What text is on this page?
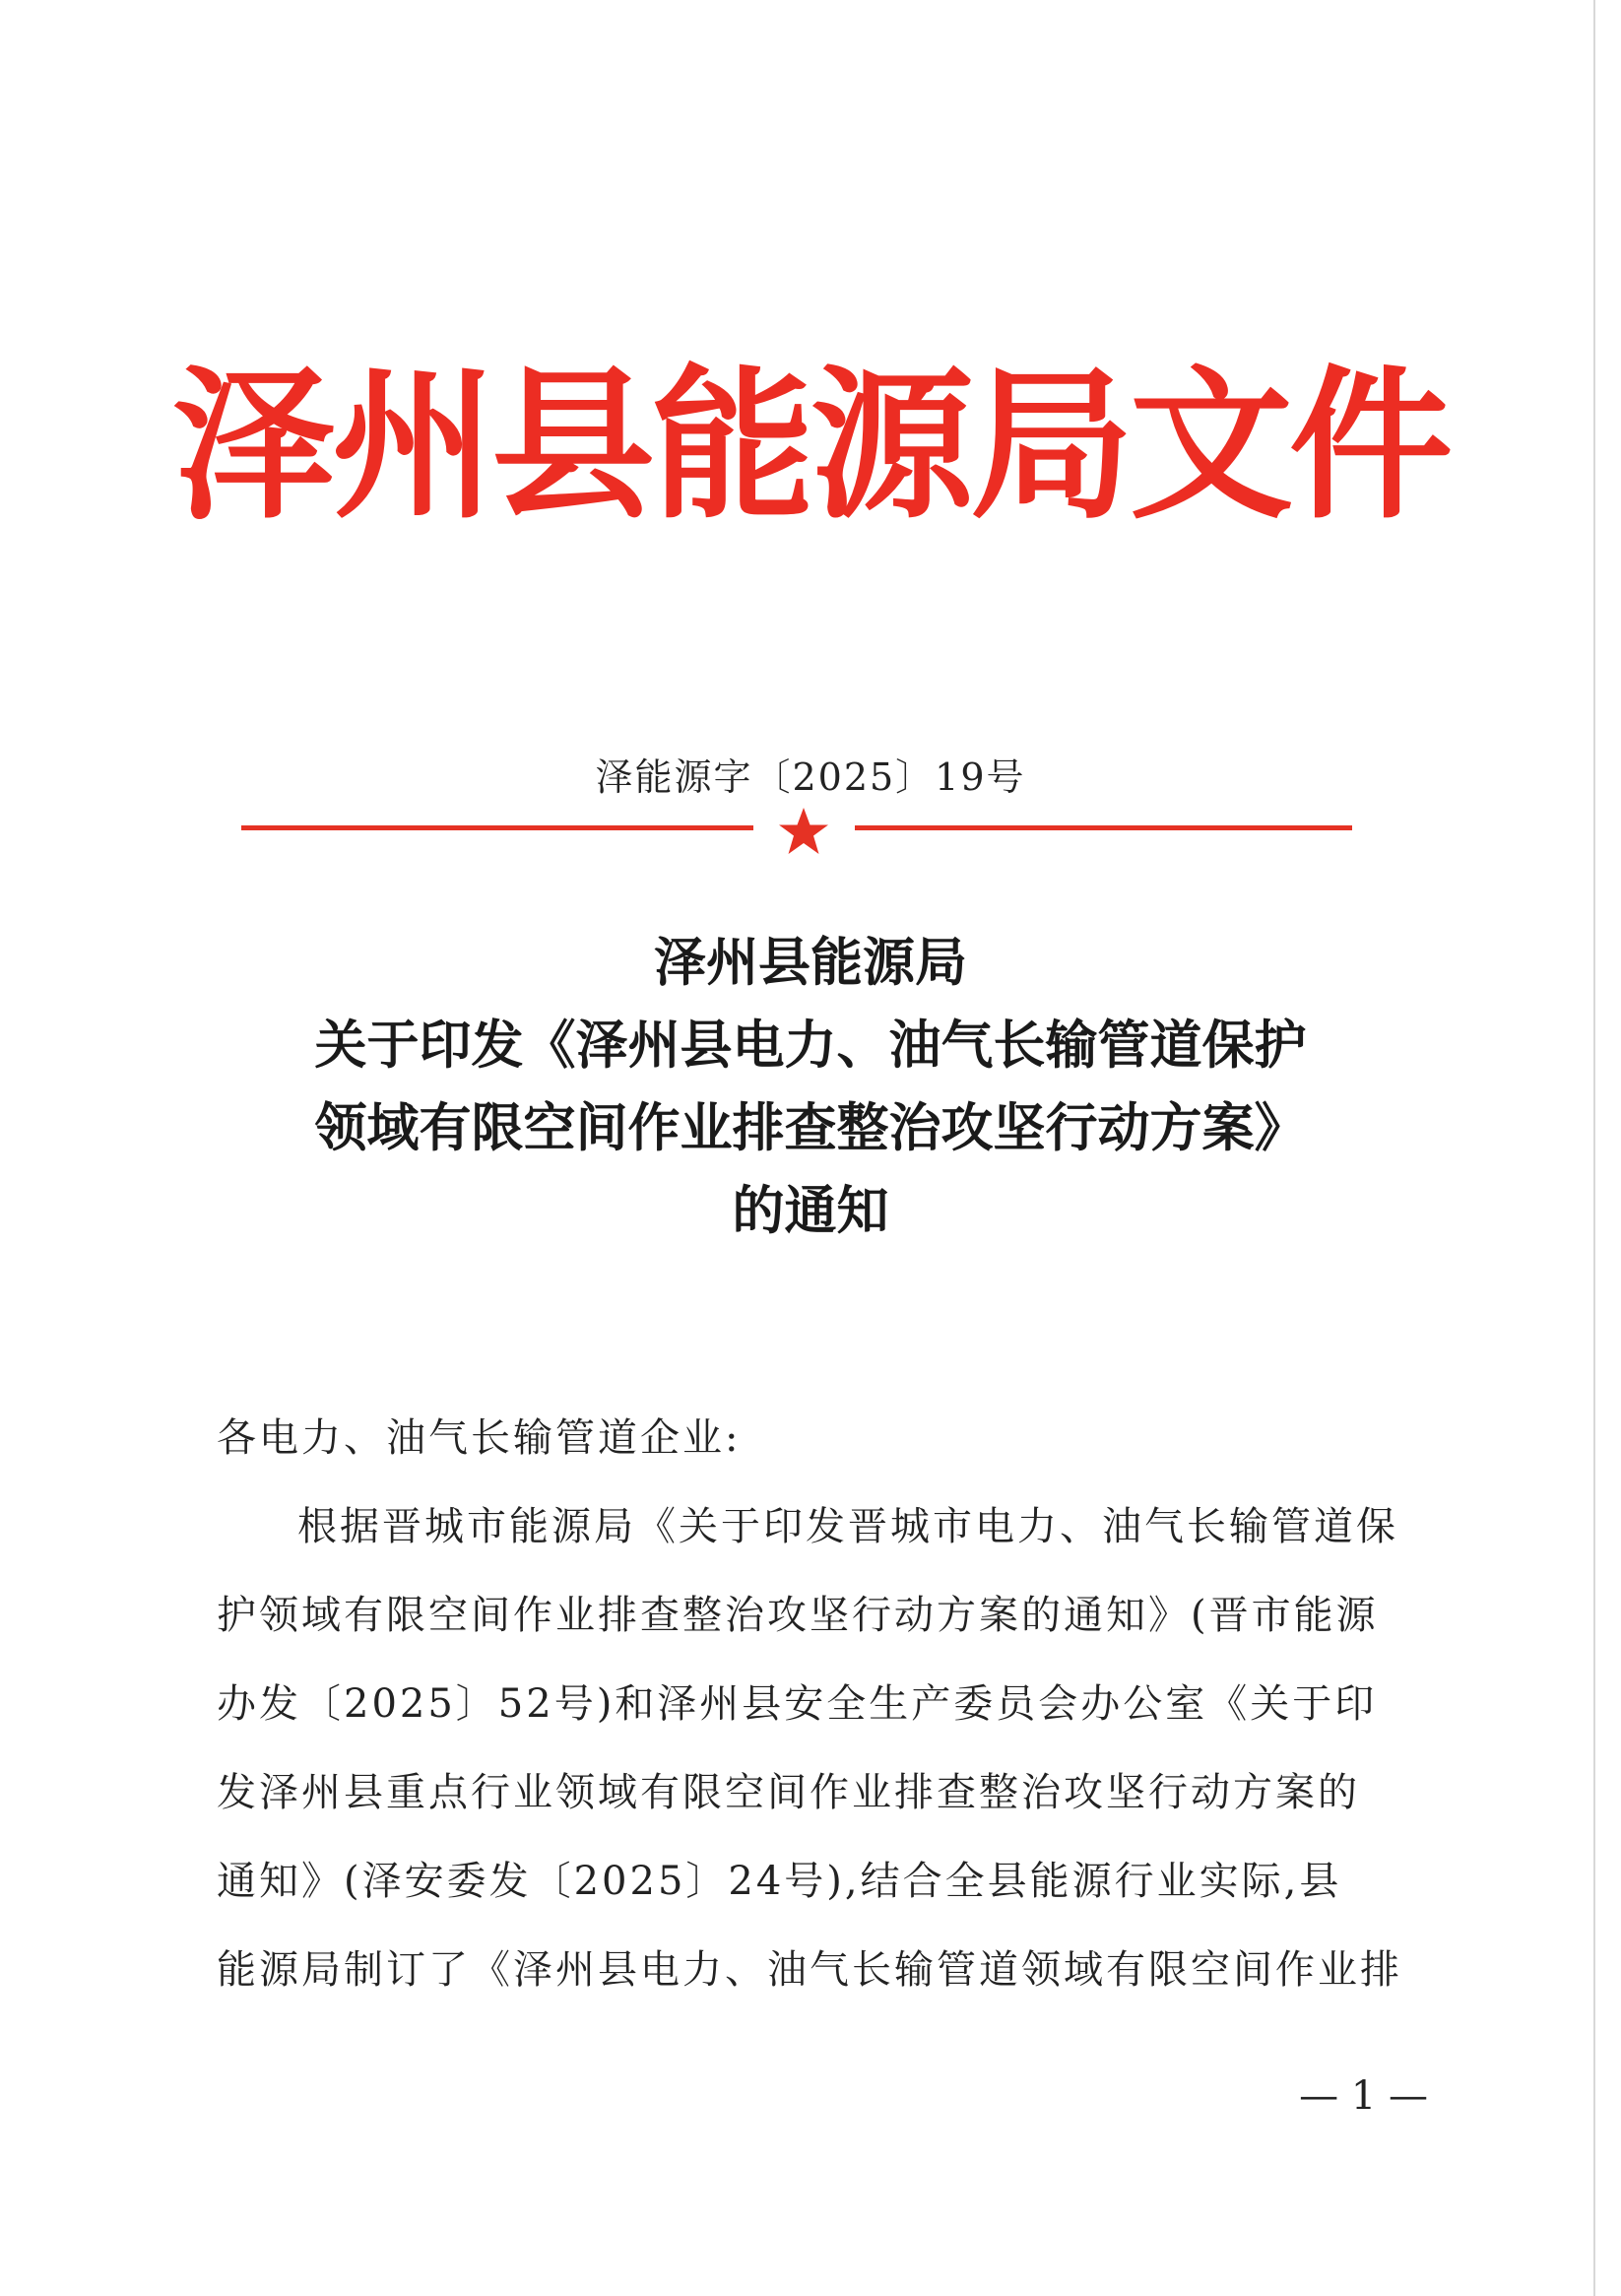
泽州县能源局文件
泽能源字〔2025〕19号
泽州县能源局
关于印发《泽州县电力、油气长输管道保护
领域有限空间作业排查整治攻坚行动方案》
的通知
各电力、油气长输管道企业:
根据晋城市能源局《关于印发晋城市电力、油气长输管道保
护领域有限空间作业排查整治攻坚行动方案的通知》(晋市能源
办发〔2025〕52号)和泽州县安全生产委员会办公室《关于印
发泽州县重点行业领域有限空间作业排查整治攻坚行动方案的
通知》(泽安委发〔2025〕24号),结合全县能源行业实际,县
能源局制订了《泽州县电力、油气长输管道领域有限空间作业排
— 1 —
